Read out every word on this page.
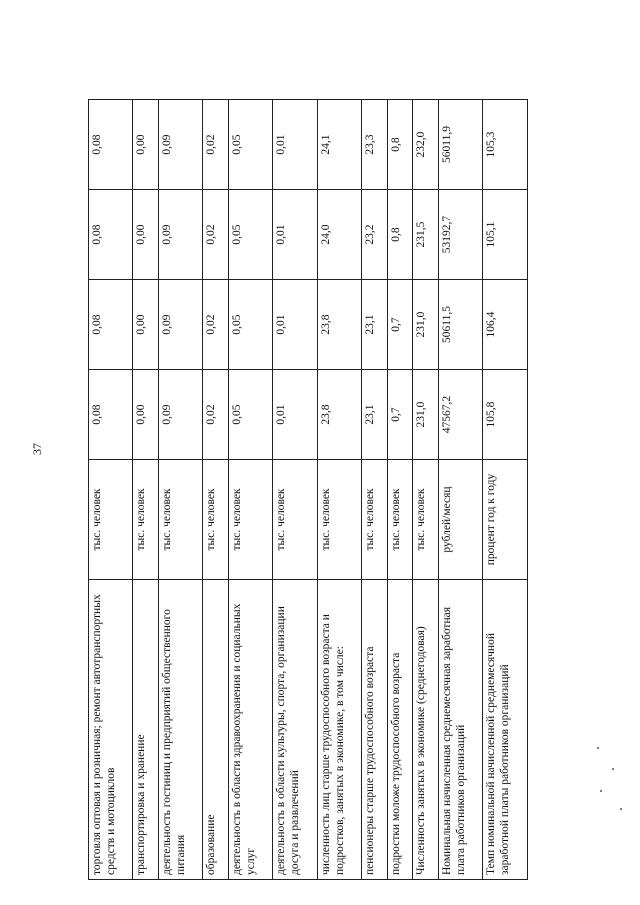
37
торговля оптовая и розничная; ремонт автотранспортных средств и мотоциклов	тыс. человек	0,08	0,08	0,08	0,08
транспортировка и хранение	тыс. человек	0,00	0,00	0,00	0,00
деятельность гостиниц и предприятий общественного питания	тыс. человек	0,09	0,09	0,09	0,09
образование	тыс. человек	0,02	0,02	0,02	0,02
деятельность в области здравоохранения и социальных услуг	тыс. человек	0,05	0,05	0,05	0,05
деятельность в области культуры, спорта, организации досуга и развлечений	тыс. человек	0,01	0,01	0,01	0,01
численность лиц старше трудоспособного возраста и подростков, занятых в экономике, в том числе:	тыс. человек	23,8	23,8	24,0	24,1
пенсионеры старше трудоспособного возраста	тыс. человек	23,1	23,1	23,2	23,3
подростки моложе трудоспособного возраста	тыс. человек	0,7	0,7	0,8	0,8
Численность занятых в экономике (среднегодовая)	тыс. человек	231,0	231,0	231,5	232,0
Номинальная начисленная среднемесячная заработная плата работников организаций	рублей/месяц	47567,2	50611,5	53192,7	56011,9
Темп номинальной начисленной среднемесячной заработной платы работников организаций	процент год к году	105,8	106,4	105,1	105,3
